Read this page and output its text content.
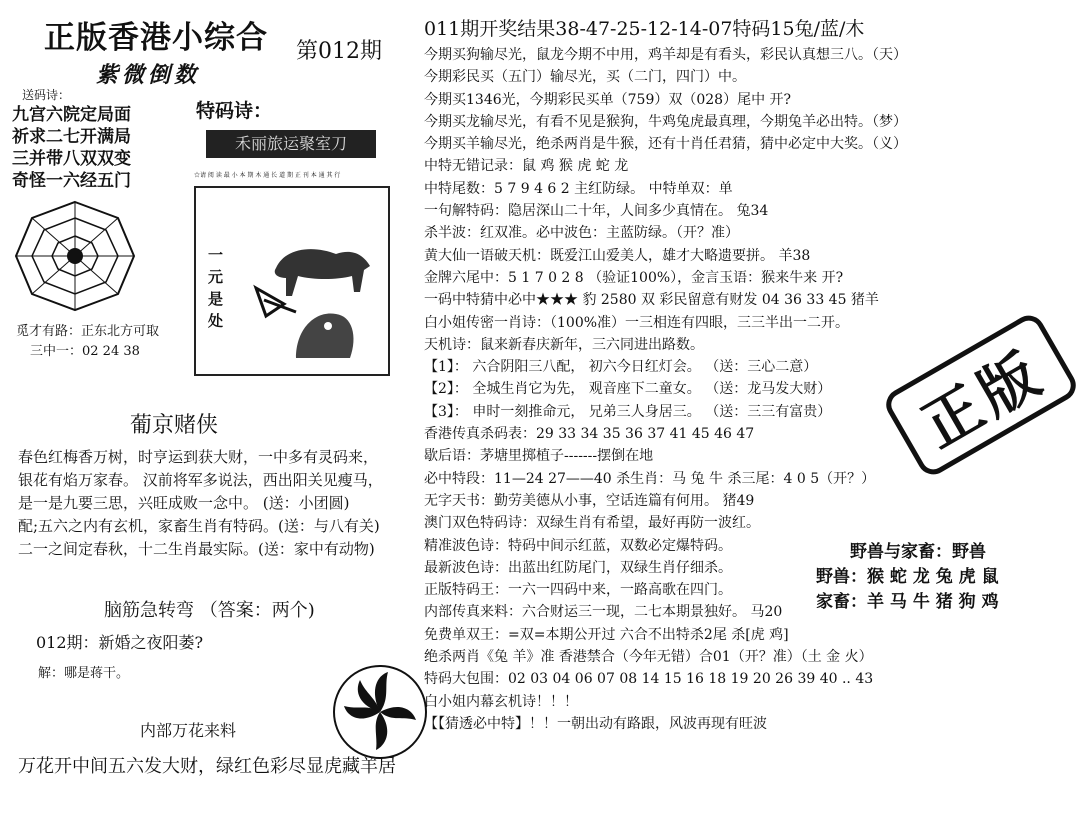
正版香港小综合 第012期
紫微倒数
送码诗：
九宫六院定局面
祈求二七开满局
三并带八双双变
奇怪一六经五门
觅才有路：正东北方可取
三中一：02 24 38
特码诗：
禾丽旅运聚室刀
☆请 阅 读 最 小 本 期 木 通 长 道 期 正 刊 本 通 其 行
一元是处
葡京赌侠
春色红梅香万树，时亨运到获大财，一中多有灵码来，
银花有焰万家春。 汉前将军多说法，西出阳关见瘦马，
是一是九要三思，兴旺成败一念中。 (送：小团圆)
配;五六之内有玄机，家畜生肖有特码。(送：与八有关)
二一之间定春秋，十二生肖最实际。(送：家中有动物)
脑筋急转弯 （答案：两个)
012期：新婚之夜阳萎?
解：哪是蒋干。
内部万花来料
万花开中间五六发大财，绿红色彩尽显虎藏羊居
011期开奖结果38-47-25-12-14-07特码15兔/蓝/木
今期买狗输尽光，鼠龙今期不中用，鸡羊却是有看头，彩民认真想三八。（天）
今期彩民买（五门）输尽光，买（二门，四门）中。
今期买1346光，今期彩民买单（759）双（028）尾中 开?
今期买龙输尽光，有看不见是猴狗，牛鸡兔虎最真理，今期兔羊必出特。（梦）
今期买羊输尽光，绝杀两肖是牛猴，还有十肖任君猜，猜中必定中大奖。（义）
中特无错记录：鼠 鸡 猴 虎 蛇 龙
中特尾数：5 7 9 4 6 2 主红防绿。 中特单双：单
一句解特码：隐居深山二十年，人间多少真情在。 兔34
杀半波：红双准。必中波色：主蓝防绿。（开？准）
黄大仙一语破天机：既爱江山爱美人，雄才大略遗要拼。 羊38
金牌六尾中：5 1 7 0 2 8 （验证100%），金言玉语：猴来牛来 开?
一码中特猜中必中★★★ 豹 2580 双 彩民留意有财发 04 36 33 45 猪羊
白小姐传密一肖诗：（100%准）一三相连有四眼，三三半出一二开。
天机诗：鼠来新春庆新年，三六同进出路数。
【1】： 六合阴阳三八配， 初六今日红灯会。 （送：三心二意）
【2】： 全城生肖它为先， 观音座下二童女。 （送：龙马发大财）
【3】： 申时一刻推命元， 兄弟三人身居三。 （送：三三有富贵）
香港传真杀码表：29 33 34 35 36 37 41 45 46 47
歇后语：茅塘里掷植子-------摆倒在地
必中特段：11—24 27——40 杀生肖：马 兔 牛 杀三尾：4 0 5（开？）
无字天书：勤劳美德从小事，空话连篇有何用。 猪49
澳门双色特码诗：双绿生肖有希望，最好再防一波红。
精准波色诗：特码中间示红蓝，双数必定爆特码。
最新波色诗：出蓝出红防尾门，双绿生肖仔细杀。
正版特码王：一六一四码中来，一路高歌在四门。
内部传真来料：六合财运三一现，二七本期景独好。 马20
免费单双王：=双=本期公开过 六合不出特杀2尾 杀[虎 鸡]
绝杀两肖《兔 羊》准 香港禁合（今年无错）合01（开？准）（土 金 火）
特码大包围：02 03 04 06 07 08 14 15 16 18 19 20 26 39 40 .. 43
白小姐内幕玄机诗！！！
【【猜透必中特】！！一朝出动有路跟，风波再现有旺波
正版
野兽与家畜：野兽
野兽：猴 蛇 龙 兔 虎 鼠
家畜：羊 马 牛 猪 狗 鸡
